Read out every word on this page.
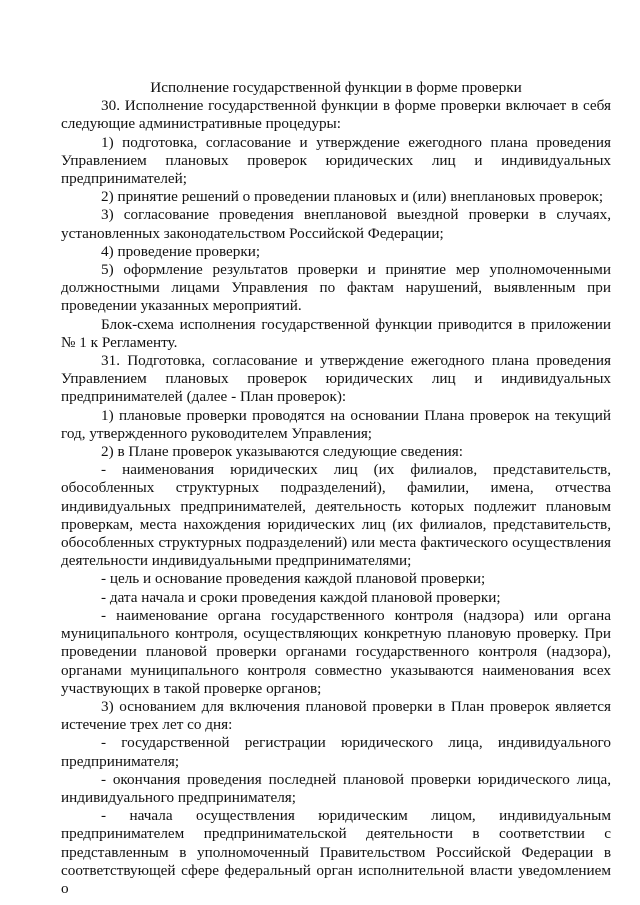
Исполнение государственной функции в форме проверки

30. Исполнение государственной функции в форме проверки включает в себя следующие административные процедуры:

1) подготовка, согласование и утверждение ежегодного плана проведения Управлением плановых проверок юридических лиц и индивидуальных предпринимателей;

2) принятие решений о проведении плановых и (или) внеплановых проверок;

3) согласование проведения внеплановой выездной проверки в случаях, установленных законодательством Российской Федерации;

4) проведение проверки;

5) оформление результатов проверки и принятие мер уполномоченными должностными лицами Управления по фактам нарушений, выявленным при проведении указанных мероприятий.

Блок-схема исполнения государственной функции приводится в приложении № 1 к Регламенту.

31. Подготовка, согласование и утверждение ежегодного плана проведения Управлением плановых проверок юридических лиц и индивидуальных предпринимателей (далее - План проверок):

1) плановые проверки проводятся на основании Плана проверок на текущий год, утвержденного руководителем Управления;

2) в Плане проверок указываются следующие сведения:

- наименования юридических лиц (их филиалов, представительств, обособленных структурных подразделений), фамилии, имена, отчества индивидуальных предпринимателей, деятельность которых подлежит плановым проверкам, места нахождения юридических лиц (их филиалов, представительств, обособленных структурных подразделений) или места фактического осуществления деятельности индивидуальными предпринимателями;

- цель и основание проведения каждой плановой проверки;

- дата начала и сроки проведения каждой плановой проверки;

- наименование органа государственного контроля (надзора) или органа муниципального контроля, осуществляющих конкретную плановую проверку. При проведении плановой проверки органами государственного контроля (надзора), органами муниципального контроля совместно указываются наименования всех участвующих в такой проверке органов;

3) основанием для включения плановой проверки в План проверок является истечение трех лет со дня:

- государственной регистрации юридического лица, индивидуального предпринимателя;

- окончания проведения последней плановой проверки юридического лица, индивидуального предпринимателя;

- начала осуществления юридическим лицом, индивидуальным предпринимателем предпринимательской деятельности в соответствии с представленным в уполномоченный Правительством Российской Федерации в соответствующей сфере федеральный орган исполнительной власти уведомлением о
